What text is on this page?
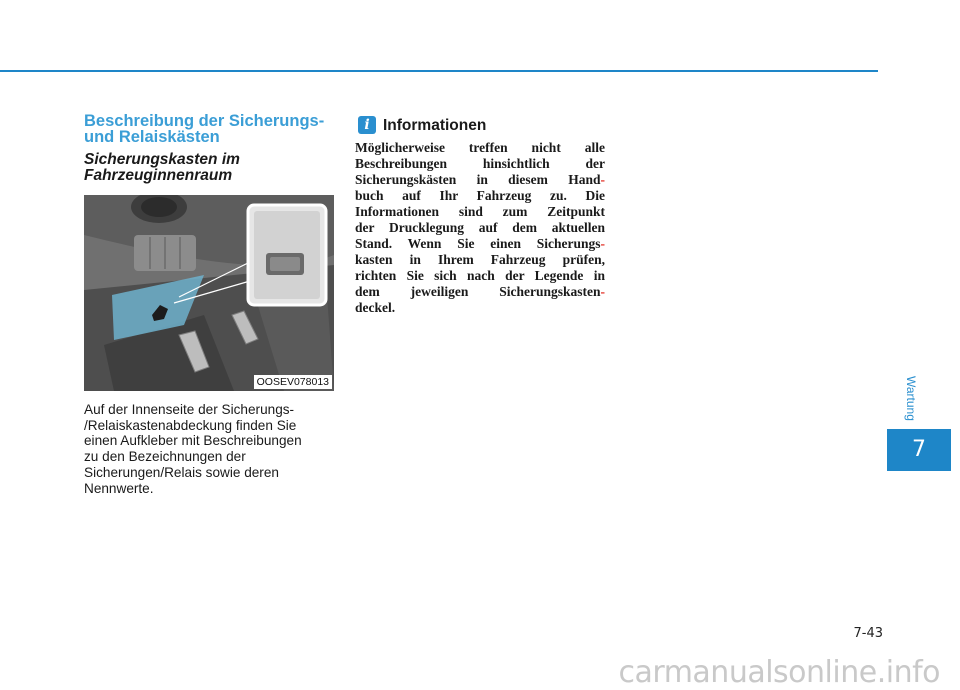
Beschreibung der Sicherungs- und Relaiskästen
Sicherungskasten im Fahrzeuginnenraum
OOSEV078013

Auf der Innenseite der Sicherungs-
/Relaiskastenabdeckung finden Sie
einen Aufkleber mit Beschreibungen
zu den Bezeichnungen der
Sicherungen/Relais sowie deren
Nennwerte.

i Informationen

Möglicherweise treffen nicht alle
Beschreibungen hinsichtlich der
Sicherungskästen in diesem Hand-
buch auf Ihr Fahrzeug zu. Die
Informationen sind zum Zeitpunkt
der Drucklegung auf dem aktuellen
Stand. Wenn Sie einen Sicherungs-
kasten in Ihrem Fahrzeug prüfen,
richten Sie sich nach der Legende in
dem jeweiligen Sicherungskasten-
deckel.

Wartung
7
7-43
carmanualsonline.info
